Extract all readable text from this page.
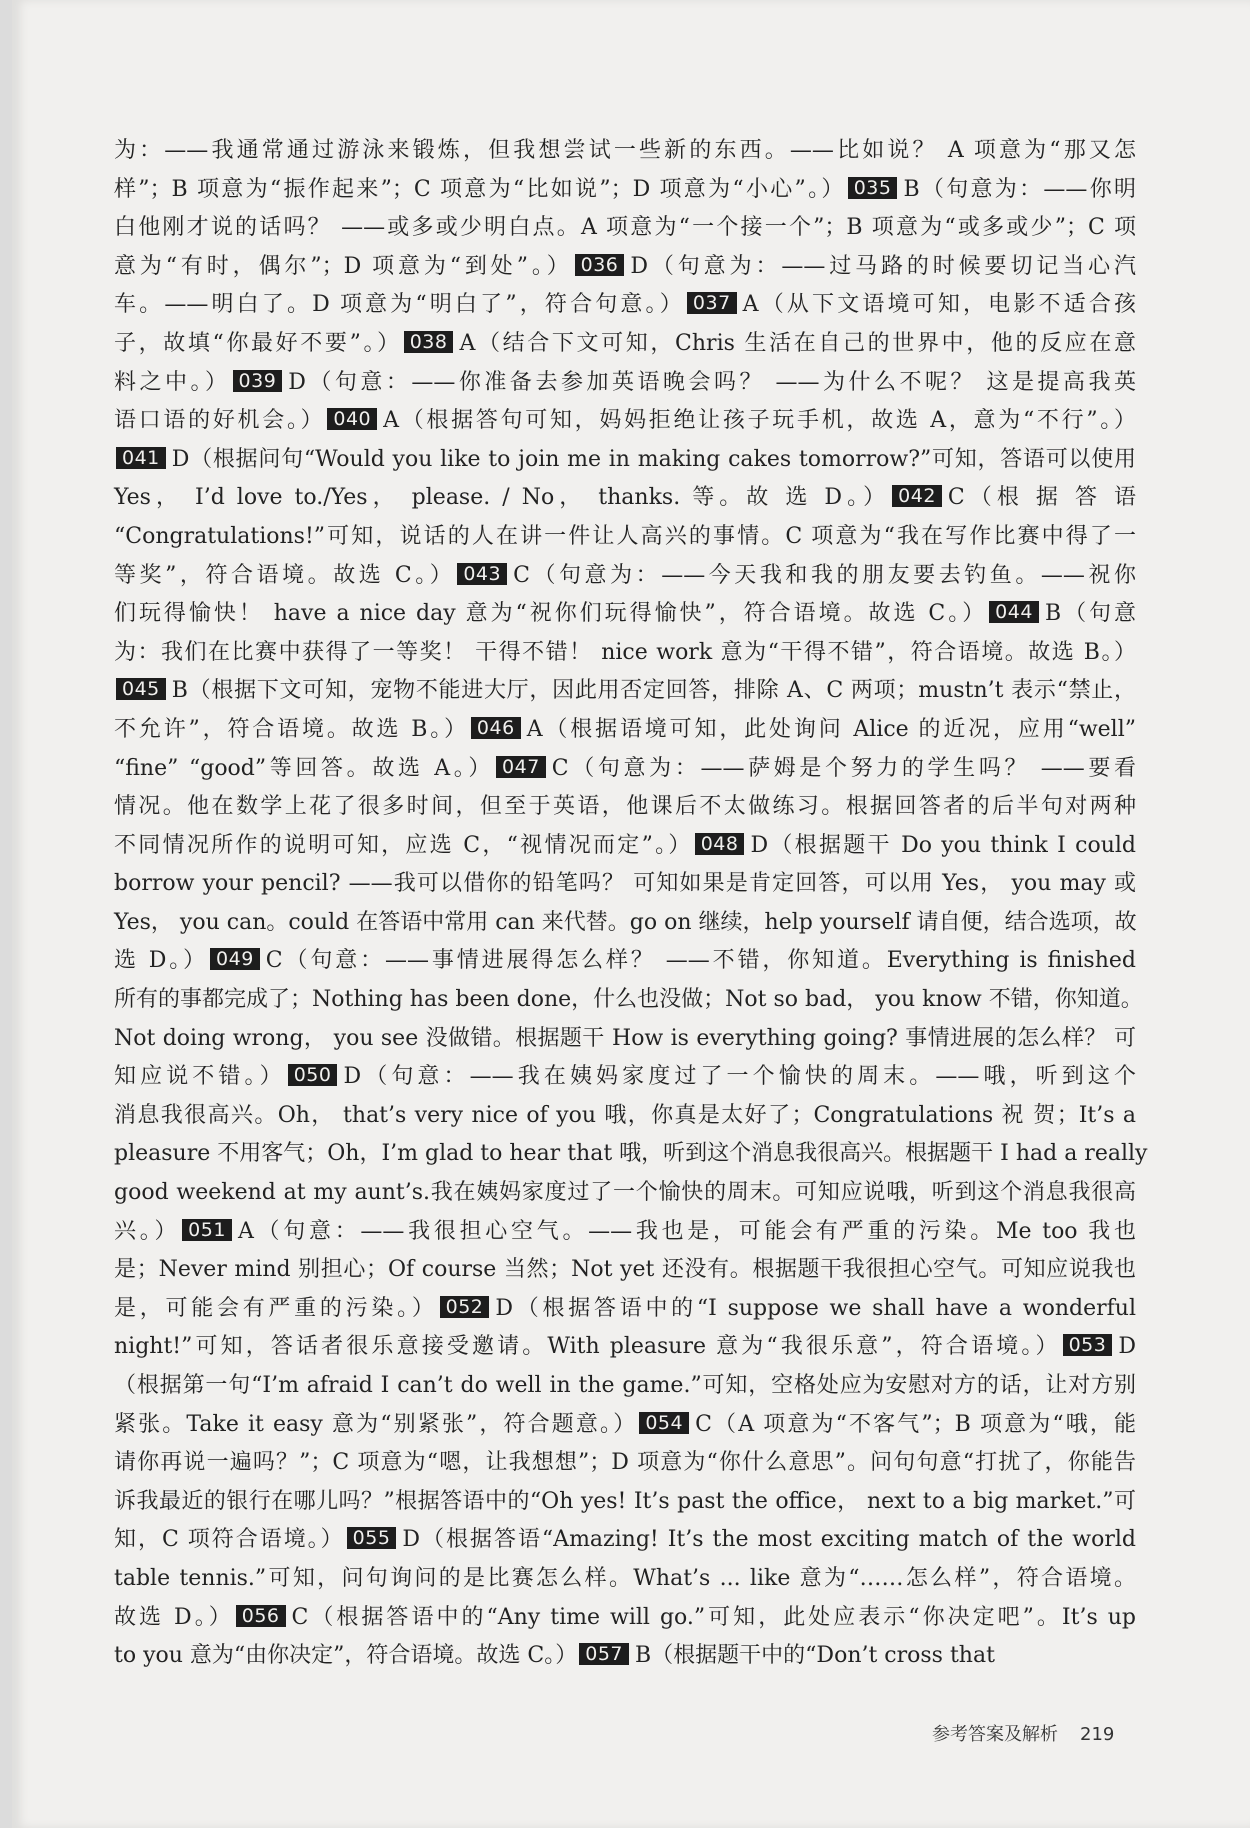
为：——我通常通过游泳来锻炼，但我想尝试一些新的东西。——比如说？ A 项意为“那又怎
样”；B 项意为“振作起来”；C 项意为“比如说”；D 项意为“小心”。） 035 B（句意为：——你明
白他刚才说的话吗？ ——或多或少明白点。A 项意为“一个接一个”；B 项意为“或多或少”；C 项
意为“有时，偶尔”；D 项意为“到处”。） 036 D（句意为：——过马路的时候要切记当心汽
车。——明白了。D 项意为“明白了”，符合句意。） 037 A（从下文语境可知，电影不适合孩
子，故填“你最好不要”。） 038 A（结合下文可知，Chris 生活在自己的世界中，他的反应在意
料之中。） 039 D（句意：——你准备去参加英语晚会吗？ ——为什么不呢？ 这是提高我英
语口语的好机会。） 040 A（根据答句可知，妈妈拒绝让孩子玩手机，故选 A，意为“不行”。）
041 D（根据问句“Would you like to join me in making cakes tomorrow?”可知，答语可以使用
Yes， I’d love to./Yes， please. / No， thanks. 等。故 选 D。） 042 C（根 据 答 语
“Congratulations!”可知，说话的人在讲一件让人高兴的事情。C 项意为“我在写作比赛中得了一
等奖”，符合语境。故选 C。） 043 C（句意为：——今天我和我的朋友要去钓鱼。——祝你
们玩得愉快！ have a nice day 意为“祝你们玩得愉快”，符合语境。故选 C。） 044 B（句意
为：我们在比赛中获得了一等奖！ 干得不错！ nice work 意为“干得不错”，符合语境。故选 B。）
045 B（根据下文可知，宠物不能进大厅，因此用否定回答，排除 A、C 两项；mustn’t 表示“禁止，
不允许”，符合语境。故选 B。） 046 A（根据语境可知，此处询问 Alice 的近况，应用“well”
“fine” “good”等回答。故选 A。） 047 C（句意为：——萨姆是个努力的学生吗？ ——要看
情况。他在数学上花了很多时间，但至于英语，他课后不太做练习。根据回答者的后半句对两种
不同情况所作的说明可知，应选 C，“视情况而定”。） 048 D（根据题干 Do you think I could
borrow your pencil? ——我可以借你的铅笔吗？ 可知如果是肯定回答，可以用 Yes， you may 或
Yes， you can。could 在答语中常用 can 来代替。go on 继续，help yourself 请自便，结合选项，故
选 D。） 049 C（句意：——事情进展得怎么样？ ——不错，你知道。Everything is finished
所有的事都完成了；Nothing has been done，什么也没做；Not so bad， you know 不错，你知道。
Not doing wrong， you see 没做错。根据题干 How is everything going? 事情进展的怎么样？ 可
知应说不错。） 050 D（句意：——我在姨妈家度过了一个愉快的周末。——哦，听到这个
消息我很高兴。Oh， that’s very nice of you 哦，你真是太好了；Congratulations 祝 贺；It’s a
pleasure 不用客气；Oh，I’m glad to hear that 哦，听到这个消息我很高兴。根据题干 I had a really
good weekend at my aunt’s.我在姨妈家度过了一个愉快的周末。可知应说哦，听到这个消息我很高
兴。） 051 A（句意：——我很担心空气。——我也是，可能会有严重的污染。Me too 我也
是；Never mind 别担心；Of course 当然；Not yet 还没有。根据题干我很担心空气。可知应说我也
是，可能会有严重的污染。） 052 D（根据答语中的“I suppose we shall have a wonderful
night!”可知，答话者很乐意接受邀请。With pleasure 意为“我很乐意”，符合语境。） 053 D
（根据第一句“I’m afraid I can’t do well in the game.”可知，空格处应为安慰对方的话，让对方别
紧张。Take it easy 意为“别紧张”，符合题意。） 054 C（A 项意为“不客气”；B 项意为“哦，能
请你再说一遍吗？”；C 项意为“嗯，让我想想”；D 项意为“你什么意思”。问句句意“打扰了，你能告
诉我最近的银行在哪儿吗？”根据答语中的“Oh yes! It’s past the office， next to a big market.”可
知，C 项符合语境。） 055 D（根据答语“Amazing! It’s the most exciting match of the world
table tennis.”可知，问句询问的是比赛怎么样。What’s ... like 意为“……怎么样”，符合语境。
故选 D。） 056 C（根据答语中的“Any time will go.”可知，此处应表示“你决定吧”。It’s up
to you 意为“由你决定”，符合语境。故选 C。） 057 B（根据题干中的“Don’t cross that
参考答案及解析 219
